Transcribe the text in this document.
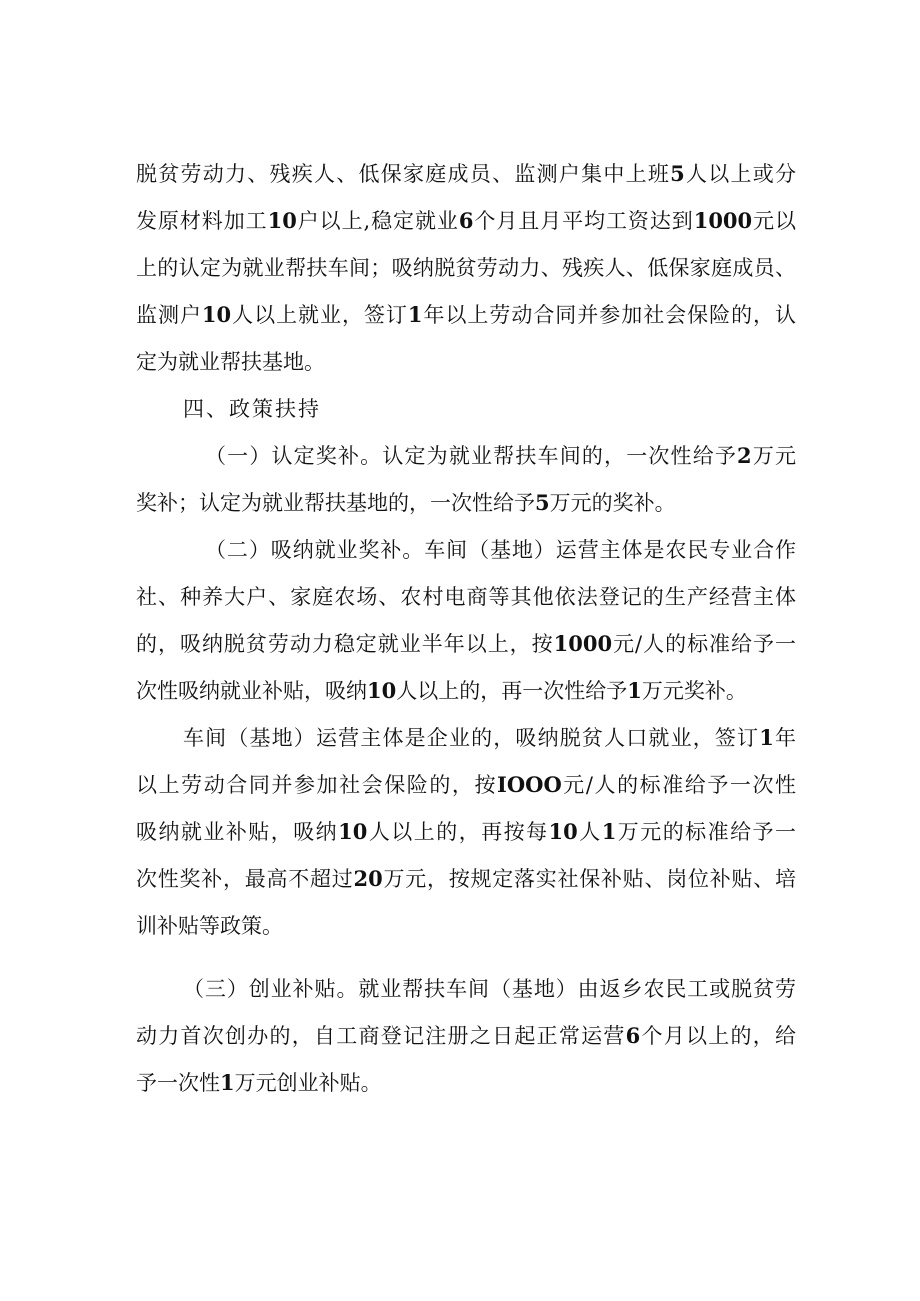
脱贫劳动力、残疾人、低保家庭成员、监测户集中上班5人以上或分
发原材料加工10户以上,稳定就业6个月且月平均工资达到1000元以
上的认定为就业帮扶车间；吸纳脱贫劳动力、残疾人、低保家庭成员、
监测户10人以上就业，签订1年以上劳动合同并参加社会保险的，认
定为就业帮扶基地。
四、政策扶持
（一）认定奖补。认定为就业帮扶车间的，一次性给予2万元
奖补；认定为就业帮扶基地的，一次性给予5万元的奖补。
（二）吸纳就业奖补。车间（基地）运营主体是农民专业合作
社、种养大户、家庭农场、农村电商等其他依法登记的生产经营主体
的，吸纳脱贫劳动力稳定就业半年以上，按1000元/人的标准给予一
次性吸纳就业补贴，吸纳10人以上的，再一次性给予1万元奖补。
车间（基地）运营主体是企业的，吸纳脱贫人口就业，签订1年
以上劳动合同并参加社会保险的，按IOOO元/人的标准给予一次性
吸纳就业补贴，吸纳10人以上的，再按每10人1万元的标准给予一
次性奖补，最高不超过20万元，按规定落实社保补贴、岗位补贴、培
训补贴等政策。
（三）创业补贴。就业帮扶车间（基地）由返乡农民工或脱贫劳
动力首次创办的，自工商登记注册之日起正常运营6个月以上的，给
予一次性1万元创业补贴。
